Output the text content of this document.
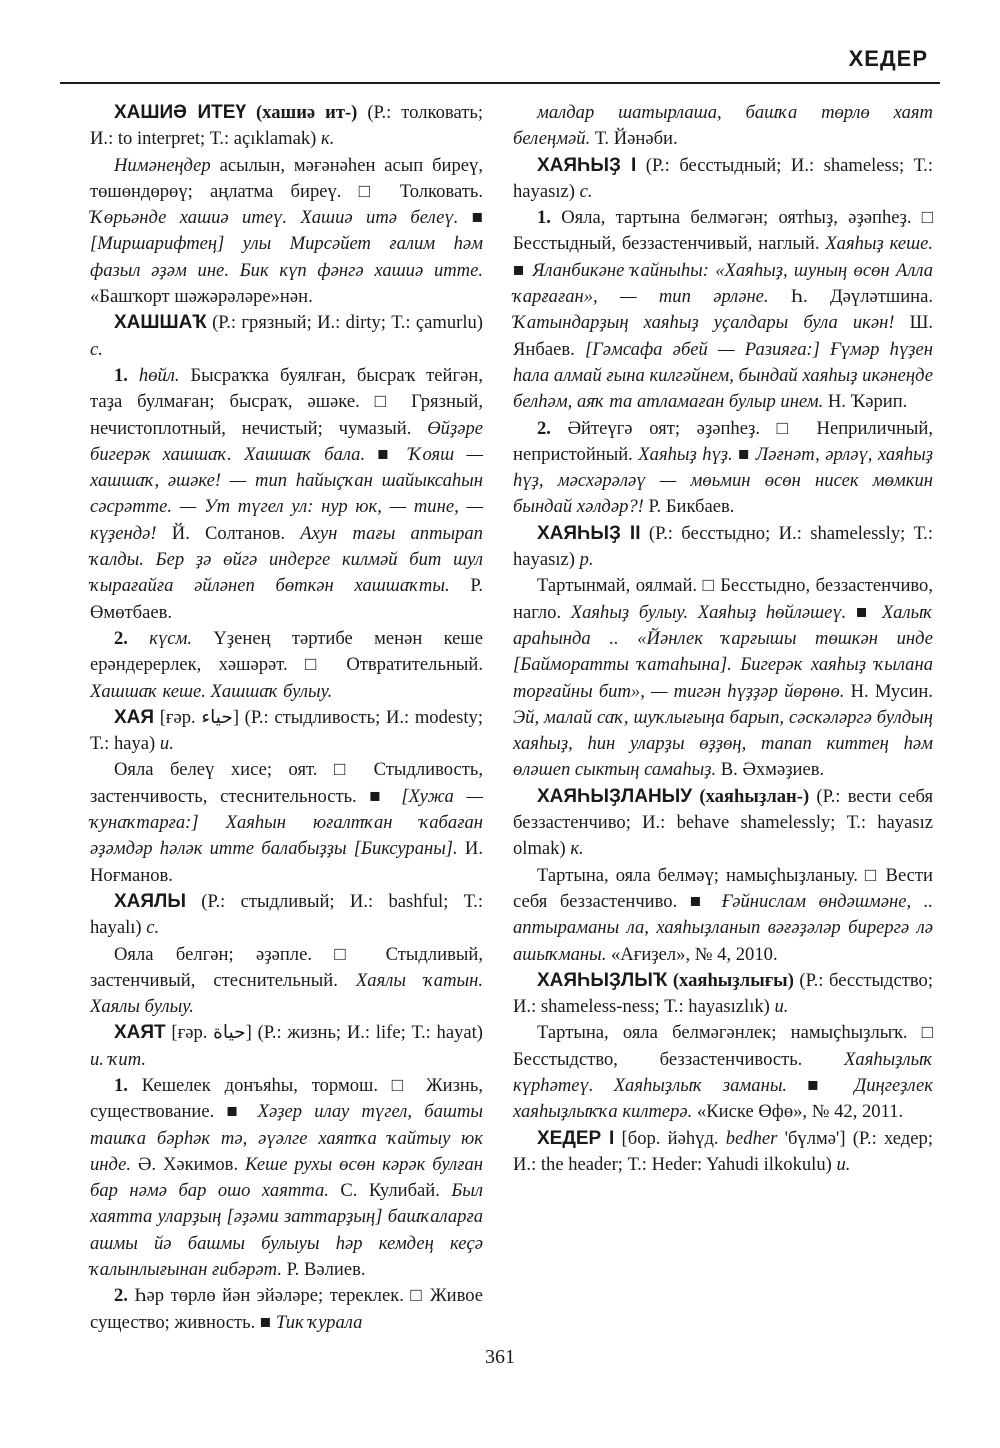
ХЕДЕР

ХАШИӘ ИТЕҮ (хашиә ит-) (Р.: толковать; И.: to interpret; Т.: açıklamak) к.

Нимәнеңдер асылын, мәғәнәһен асып биреү, төшөндөрөү; аңлатма биреү. □ Толковать. Ҡөрьәнде хашиә итеү. Хашиә итә белеү. ■ [Миршарифтең] улы Мирсәйет ғалим һәм фазыл әҙәм ине. Бик күп фәнгә хашиә итте. «Башҡорт шәжәрәләре»нән.

ХАШШАҠ (Р.: грязный; И.: dirty; Т.: çamurlu) с.

1. һөйл. Бысраҡҡа буялған, бысраҡ тейгән, таҙа булмаған; бысраҡ, әшәке. □ Грязный, нечистоплотный, нечистый; чумазый. Өйҙәре бигерәк хашшаҡ. Хашшаҡ бала. ■ Ҡояш — хашшаҡ, әшәке! — тип һайыҫҡан шайыксаһын сәсрәтте. — Ут түгел ул: нур юк, — тине, — күҙендә! Й. Солтанов. Ахун тағы аптырап ҡалды. Бер ҙә өйгә индерге килмәй бит шул ҡырағайға әйләнеп бөткән хашшаҡты. Р. Өмөтбаев.

2. күсм. Үҙенең тәртибе менән кеше ерәндерерлек, хәшәрәт. □ Отвратительный. Хашшаҡ кеше. Хашшаҡ булыу.

ХАЯ [ғәр. حياء] (Р.: стыдливость; И.: modesty; Т.: haya) и.

Ояла белеү хисе; оят. □ Стыдливость, застенчивость, стеснительность. ■ [Хужа — ҡунаҡтарға:] Хаяһын юғалтҡан ҡабаған әҙәмдәр һәләк итте балабыҙҙы [Биксураны]. И. Ноғманов.

ХАЯЛЫ (Р.: стыдливый; И.: bashful; Т.: hayalı) с.

Ояла белгән; әҙәпле. □ Стыдливый, застенчивый, стеснительный. Хаялы ҡатын. Хаялы булыу.

ХАЯТ [ғәр. حياة] (Р.: жизнь; И.: life; Т.: hayat) и. ҡит.

1. Кешелек донъяһы, тормош. □ Жизнь, существование. ■ Хәҙер илау түгел, башты ташҡа бәрһәк тә, әүәлге хаятҡа ҡайтыу юк инде. Ә. Хәкимов. Кеше рухы өсөн кәрәк булған бар нәмә бар ошо хаятта. С. Кулибай. Был хаятта уларҙың [әҙәми заттарҙың] башҡаларға ашмы йә башмы булыуы һәр кемдең кеҫә ҡалынлығынан ғибәрәт. Р. Вәлиев.

2. Һәр төрлө йән эйәләре; тереклек. □ Живое существо; живность. ■ Тик ҡурала

малдар шатырлаша, башҡа төрлө хаят белеңмәй. Т. Йәнәби.

ХАЯҺЫҘ I (Р.: бесстыдный; И.: shameless; Т.: hayasız) с.

1. Ояла, тартына белмәгән; оятһыҙ, әҙәпһеҙ. □ Бесстыдный, беззастенчивый, наглый. Хаяһыҙ кеше. ■ Яланбикәне ҡайныһы: «Хаяһыҙ, шуның өсөн Алла ҡарғаған», — тип әрләне. Һ. Дәүләтшина. Ҡатындарҙың хаяһыҙ уҫалдары була икән! Ш. Янбаев. [Гәмсафа әбей — Разияға:] Ғүмәр һүҙен һала алмай ғына килгәйнем, бындай хаяһыҙ икәнеңде белһәм, аяҡ та атламаған булыр инем. Н. Ҡәрип.

2. Әйтеүгә оят; әҙәпһеҙ. □ Неприличный, непристойный. Хаяһыҙ һүҙ. ■ Ләғнәт, әрләү, хаяһыҙ һүҙ, мәсхәрәләү — мөьмин өсөн нисек мөмкин бындай хәлдәр?! Р. Бикбаев.

ХАЯҺЫҘ II (Р.: бесстыдно; И.: shamelessly; Т.: hayasız) р.

Тартынмай, оялмай. □ Бесстыдно, беззастенчиво, нагло. Хаяһыҙ булыу. Хаяһыҙ һөйләшеү. ■ Халыҡ араһында .. «Йәнлек ҡарғышы төшкән инде [Байморатты ҡатаһына]. Бигерәк хаяһыҙ ҡылана торғайны бит», — тигән һүҙҙәр йөрөнө. Н. Мусин. Эй, малай саҡ, шуҡлығыңа барып, сәскәләргә булдың хаяһыҙ, һин уларҙы өҙҙөң, тапап киттең һәм өләшеп сыктың самаһыҙ. В. Әхмәҙиев.

ХАЯҺЫҘЛАНЫУ (хаяһыҙлан-) (Р.: вести себя беззастенчиво; И.: behave shamelessly; Т.: hayasız olmak) к.

Тартына, ояла белмәү; намыҫһыҙланыу. □ Вести себя беззастенчиво. ■ Ғәйнислам өндәшмәне, .. аптыраманы ла, хаяһыҙланып вәғәҙәләр бирергә лә ашыҡманы. «Ағиҙел», № 4, 2010.

ХАЯҺЫҘЛЫҠ (хаяһыҙлығы) (Р.: бесстыдство; И.: shameless-ness; Т.: hayasızlık) и.

Тартына, ояла белмәгәнлек; намыҫһыҙлыҡ. □ Бесстыдство, беззастенчивость. Хаяһыҙлыҡ күрһәтеү. Хаяһыҙлыҡ заманы. ■ Диңгеҙлек хаяһыҙлыҡҡа килтерә. «Киске Өфө», № 42, 2011.

ХЕДЕР I [бор. йәһүд. bedher 'бүлмә'] (Р.: хедер; И.: the header; Т.: Heder: Yahudi ilkokulu) и.

361
